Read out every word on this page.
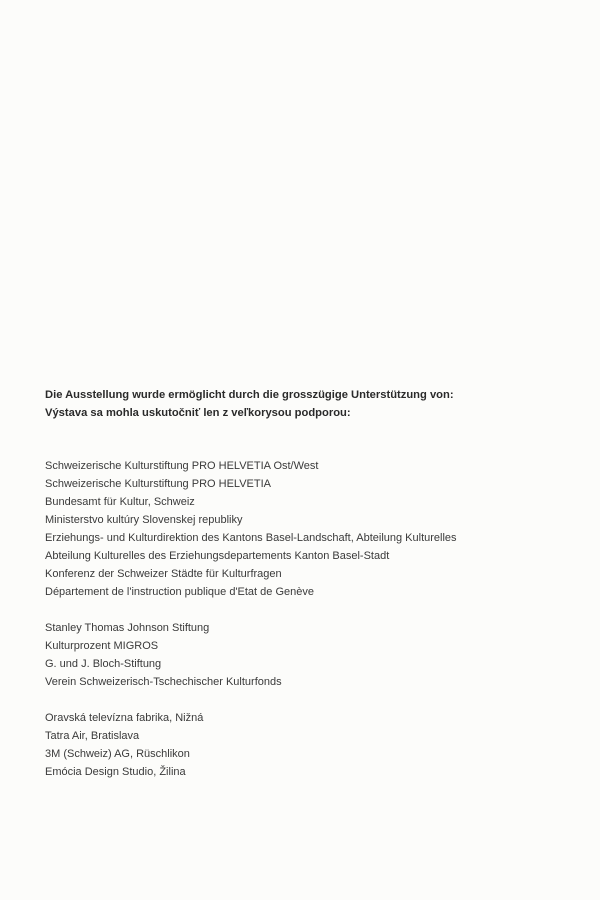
Die Ausstellung wurde ermöglicht durch die grosszügige Unterstützung von:
Výstava sa mohla uskutočniť len z veľkorysou podporou:
Schweizerische Kulturstiftung PRO HELVETIA Ost/West
Schweizerische Kulturstiftung PRO HELVETIA
Bundesamt für Kultur, Schweiz
Ministerstvo kultúry Slovenskej republiky
Erziehungs- und Kulturdirektion des Kantons Basel-Landschaft, Abteilung Kulturelles
Abteilung Kulturelles des Erziehungsdepartements Kanton Basel-Stadt
Konferenz der Schweizer Städte für Kulturfragen
Département de l'instruction publique d'Etat de Genève
Stanley Thomas Johnson Stiftung
Kulturprozent MIGROS
G. und J. Bloch-Stiftung
Verein Schweizerisch-Tschechischer Kulturfonds
Oravská televízna fabrika, Nižná
Tatra Air, Bratislava
3M (Schweiz) AG, Rüschlikon
Emócia Design Studio, Žilina
